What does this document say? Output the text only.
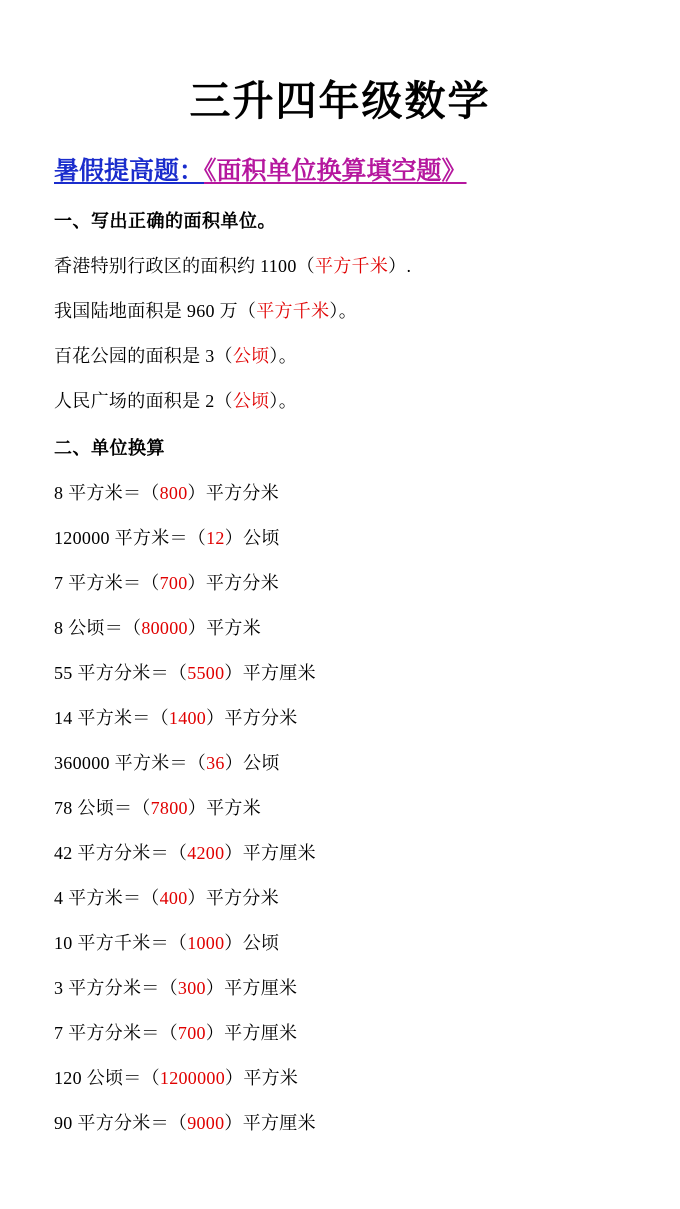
三升四年级数学
暑假提高题：《面积单位换算填空题》
一、写出正确的面积单位。
香港特别行政区的面积约 1100（平方千米）.
我国陆地面积是 960 万（平方千米）。
百花公园的面积是 3（公顷）。
人民广场的面积是 2（公顷）。
二、单位换算
8 平方米＝（800）平方分米
120000 平方米＝（12）公顷
7 平方米＝（700）平方分米
8 公顷＝（80000）平方米
55 平方分米＝（5500）平方厘米
14 平方米＝（1400）平方分米
360000 平方米＝（36）公顷
78 公顷＝（7800）平方米
42 平方分米＝（4200）平方厘米
4 平方米＝（400）平方分米
10 平方千米＝（1000）公顷
3 平方分米＝（300）平方厘米
7 平方分米＝（700）平方厘米
120 公顷＝（1200000）平方米
90 平方分米＝（9000）平方厘米
